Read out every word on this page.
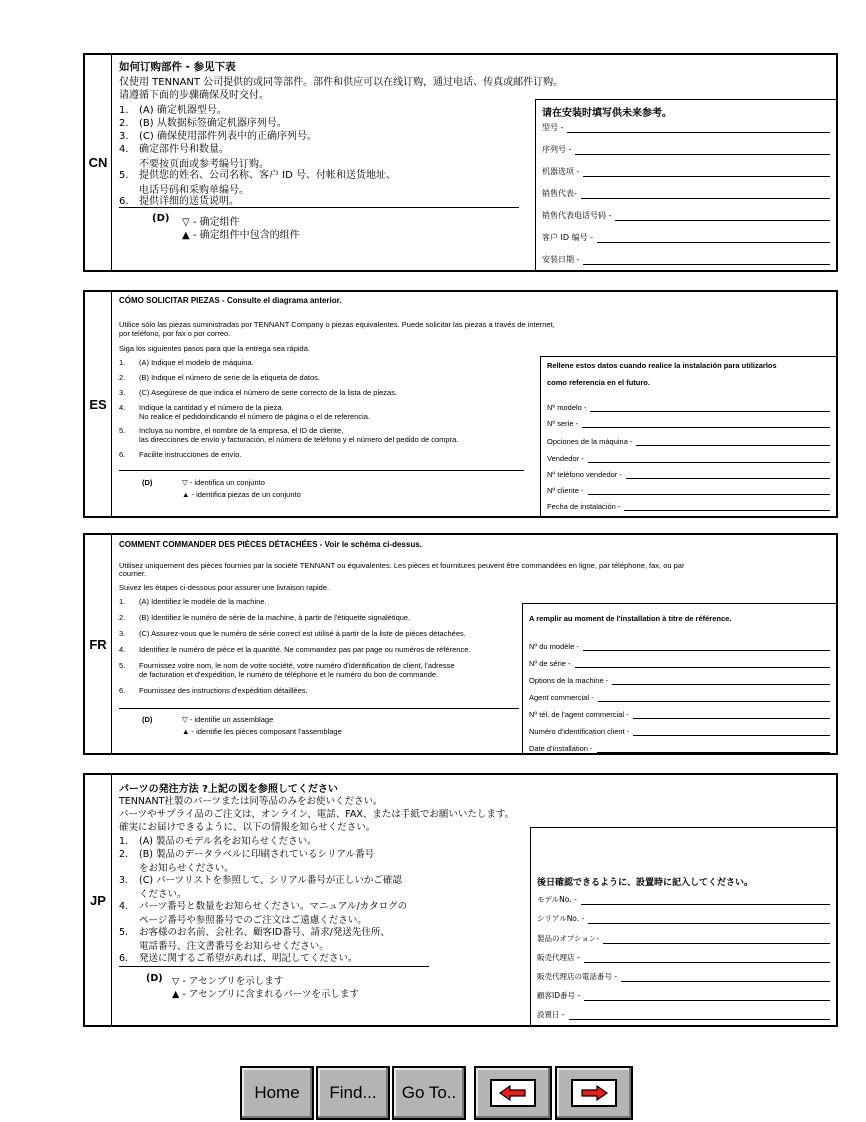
CN
如何订购部件 - 参见下表
仅使用 TENNANT 公司提供的或同等部件。部件和供应可以在线订购，通过电话、传真或邮件订购。
请遵循下面的步骤确保及时交付。
1. (A) 确定机器型号。
2. (B) 从数据标签确定机器序列号。
3. (C) 确保使用部件列表中的正确序列号。
4. 确定部件号和数量。
不要按页面或参考编号订购。
5. 提供您的姓名、公司名称、客户 ID 号、付帐和送货地址、
电话号码和采购单编号。
6. 提供详细的送货说明。
(D) ▽ - 确定组件
▲ - 确定组件中包含的组件
请在安装时填写供未来参考。
型号 -
序列号 -
机器选项 -
销售代表-
销售代表电话号码 -
客户 ID 编号 -
安装日期 -
ES
CÓMO SOLICITAR PIEZAS - Consulte el diagrama anterior.
Utilice sólo las piezas suministradas por TENNANT Company o piezas equivalentes. Puede solicitar las piezas a través de internet,
por teléfono, por fax o por correo.
Siga los siguientes pasos para que la entrega sea rápida.
1. (A) Indique el modelo de máquina.
2. (B) Indique el número de serie de la etiqueta de datos.
3. (C) Asegúrese de que indica el número de serie correcto de la lista de piezas.
4. Indique la cantidad y el número de la pieza.
No realice el pedidoindicando el número de página o el de referencia.
5. Incluya su nombre, el nombre de la empresa, el ID de cliente,
las direcciones de envío y facturación, el número de teléfono y el número del pedido de compra.
6. Facilite instrucciones de envío.
(D)	▽ - identifica un conjunto
▲ - identifica piezas de un conjunto
Rellene estos datos cuando realice la instalación para utilizarlos
como referencia en el futuro.
Nº modelo -
Nº serie -
Opciones de la máquina -
Vendedor -
Nº teléfono vendedor -
Nº cliente -
Fecha de instalación -
FR
COMMENT COMMANDER DES PIÈCES DÉTACHÉES - Voir le schéma ci-dessus.
Utilisez uniquement des pièces fournies par la société TENNANT ou équivalentes. Les pièces et fournitures peuvent être commandées en ligne, par téléphone, fax, ou par
courrier.
Suivez les étapes ci-dessous pour assurer une livraison rapide.
1. (A) Identifiez le modèle de la machine.
2. (B) Identifiez le numéro de série de la machine, à partir de l'étiquette signalétique.
3. (C) Assurez-vous que le numéro de série correct est utilisé à partir de la liste de pièces détachées.
4. Identifiez le numéro de pièce et la quantité. Ne commandez pas par page ou numéros de référence.
5. Fournissez votre nom, le nom de votre société, votre numéro d'identification de client, l'adresse
de facturation et d'expédition, le numéro de téléphone et le numéro du bon de commande.
6. Fournissez des instructions d'expédition détaillées.
(D)	▽ - identifie un assemblage
▲ - identifie les pièces composant l'assemblage
A remplir au moment de l'installation à titre de référence.
Nº du modèle -
Nº de série -
Options de la machine -
Agent commercial -
Nº tél. de l'agent commercial -
Numéro d'identification client -
Date d'installation -
JP
パーツの発注方法 ?上記の図を参照してください
TENNANT社製のパーツまたは同等品のみをお使いください。
パーツやサプライ品のご注文は、オンライン、電話、FAX、または手紙でお願いいたします。
確実にお届けできるように、以下の情報を知らせください。
1. (A) 製品のモデル名をお知らせください。
2. (B) 製品のデータラベルに印刷されているシリアル番号
をお知らせください。
3. (C) パーツリストを参照して、シリアル番号が正しいかご確認
ください。
4. パーツ番号と数量をお知らせください。マニュアル/カタログの
ページ番号や参照番号でのご注文はご遠慮ください。
5. お客様のお名前、会社名、顧客ID番号、請求/発送先住所、
電話番号、注文書番号をお知らせください。
6. 発送に関するご希望があれば、明記してください。
(D) ▽ - アセンブリを示します
▲ - アセンブリに含まれるパーツを示します
後日確認できるように、設置時に記入してください。
モデルNo. -
シリアルNo. -
製品のオプション-
販売代理店 -
販売代理店の電話番号 -
顧客ID番号 -
設置日 -
Home	Find...	Go To..
